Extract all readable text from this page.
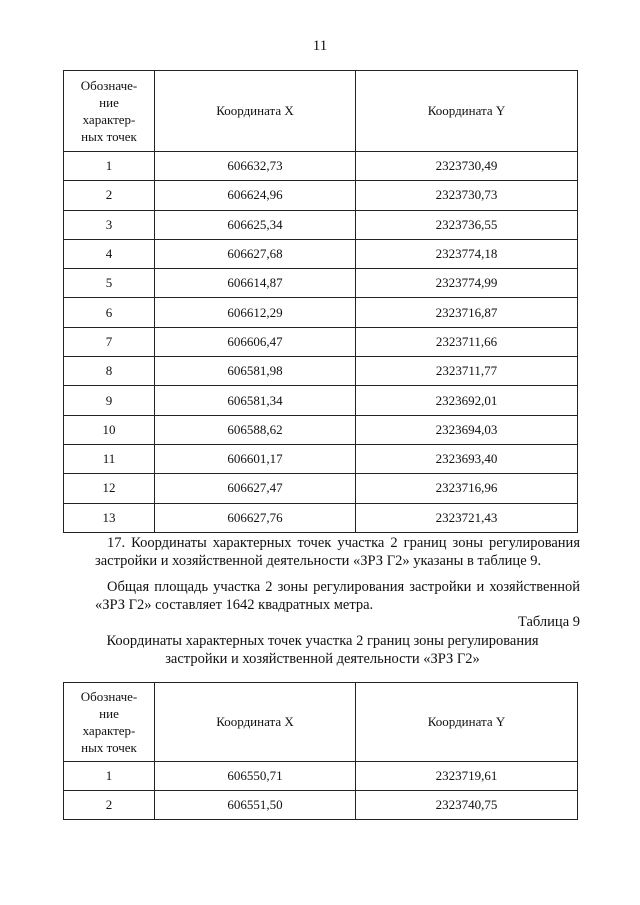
11
Обозначе-
ние
характер-
ных точек	Координата X	Координата Y
1	606632,73	2323730,49
2	606624,96	2323730,73
3	606625,34	2323736,55
4	606627,68	2323774,18
5	606614,87	2323774,99
6	606612,29	2323716,87
7	606606,47	2323711,66
8	606581,98	2323711,77
9	606581,34	2323692,01
10	606588,62	2323694,03
11	606601,17	2323693,40
12	606627,47	2323716,96
13	606627,76	2323721,43

17. Координаты характерных точек участка 2 границ зоны регулирования застройки и хозяйственной деятельности «ЗРЗ Г2» указаны в таблице 9.

Общая площадь участка 2 зоны регулирования застройки и хозяйственной «ЗРЗ Г2» составляет 1642 квадратных метра.

Таблица 9

Координаты характерных точек участка 2 границ зоны регулирования застройки и хозяйственной деятельности «ЗРЗ Г2»

Обозначе-
ние
характер-
ных точек	Координата X	Координата Y
1	606550,71	2323719,61
2	606551,50	2323740,75
